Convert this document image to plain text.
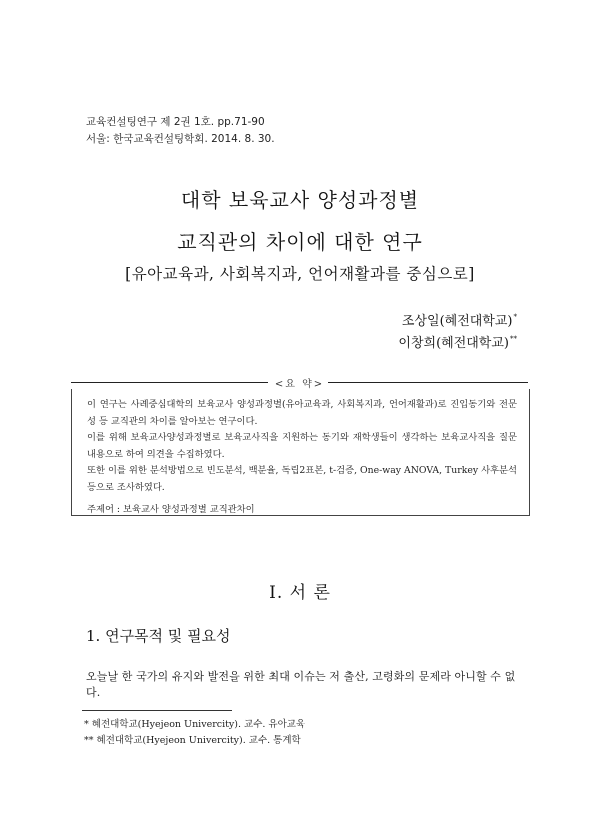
교육컨설팅연구 제 2권 1호. pp.71-90
서울: 한국교육컨설팅학회. 2014. 8. 30.
대학 보육교사 양성과정별
교직관의 차이에 대한 연구
[유아교육과, 사회복지과, 언어재활과를 중심으로]
조상일(혜전대학교)*
이창희(혜전대학교)**
<요 약>

이 연구는 사례중심대학의 보육교사 양성과정별(유아교육과, 사회복지과, 언어재활과)로 진입동기와 전문성 등 교직관의 차이를 알아보는 연구이다.

이를 위해 보육교사양성과정별로 보육교사직을 지원하는 동기와 재학생들이 생각하는 보육교사직을 질문내용으로 하여 의견을 수집하였다.

또한 이를 위한 분석방법으로 빈도분석, 백분율, 독립2표본, t-검증, One-way ANOVA, Turkey 사후분석 등으로 조사하였다.

주제어 : 보육교사 양성과정별 교직관차이
I. 서 론
1. 연구목적 및 필요성
오늘날 한 국가의 유지와 발전을 위한 최대 이슈는 저 출산, 고령화의 문제라 아니할 수 없다.
* 혜전대학교(Hyejeon Univercity). 교수. 유아교육
** 혜전대학교(Hyejeon Univercity). 교수. 통계학
